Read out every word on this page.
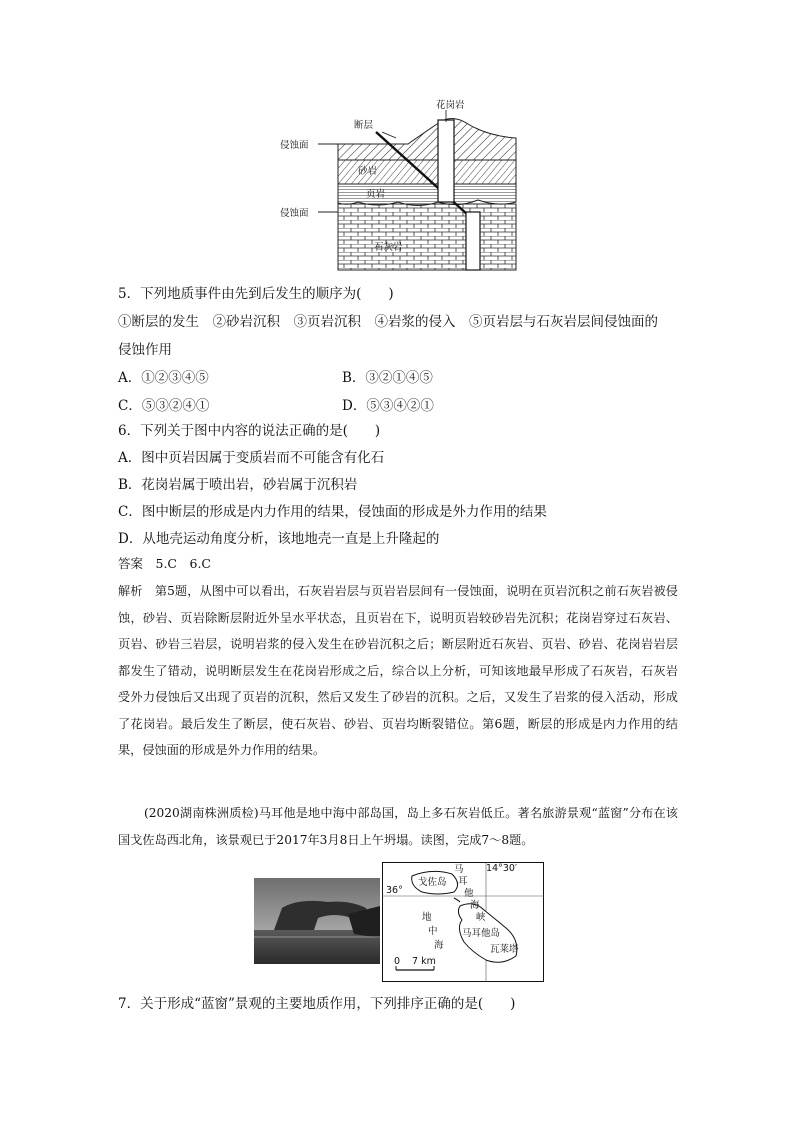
花岗岩
断层
侵蚀面
砂岩
页岩
侵蚀面
石灰岩
5．下列地质事件由先到后发生的顺序为(　　)
①断层的发生　②砂岩沉积　③页岩沉积　④岩浆的侵入　⑤页岩层与石灰岩层间侵蚀面的
侵蚀作用
A．①②③④⑤	B．③②①④⑤
C．⑤③②④①	D．⑤③④②①
6．下列关于图中内容的说法正确的是(　　)
A．图中页岩因属于变质岩而不可能含有化石
B．花岗岩属于喷出岩，砂岩属于沉积岩
C．图中断层的形成是内力作用的结果，侵蚀面的形成是外力作用的结果
D．从地壳运动角度分析，该地地壳一直是上升隆起的
答案　5.C　6.C
解析　第5题，从图中可以看出，石灰岩岩层与页岩岩层间有一侵蚀面，说明在页岩沉积之前石灰岩被侵蚀，砂岩、页岩除断层附近外呈水平状态，且页岩在下，说明页岩较砂岩先沉积；花岗岩穿过石灰岩、页岩、砂岩三岩层，说明岩浆的侵入发生在砂岩沉积之后；断层附近石灰岩、页岩、砂岩、花岗岩岩层都发生了错动，说明断层发生在花岗岩形成之后，综合以上分析，可知该地最早形成了石灰岩，石灰岩受外力侵蚀后又出现了页岩的沉积，然后又发生了砂岩的沉积。之后，又发生了岩浆的侵入活动，形成了花岗岩。最后发生了断层，使石灰岩、砂岩、页岩均断裂错位。第6题，断层的形成是内力作用的结果，侵蚀面的形成是外力作用的结果。
(2020湖南株洲质检)马耳他是地中海中部岛国，岛上多石灰岩低丘。著名旅游景观“蓝窗”分布在该国戈佐岛西北角，该景观已于2017年3月8日上午坍塌。读图，完成7～8题。
14°30′
36°
戈佐岛
马
耳
他
海
峡
地
中
海
马耳他岛
瓦莱塔
0 7 km
7．关于形成“蓝窗”景观的主要地质作用，下列排序正确的是(　　)
